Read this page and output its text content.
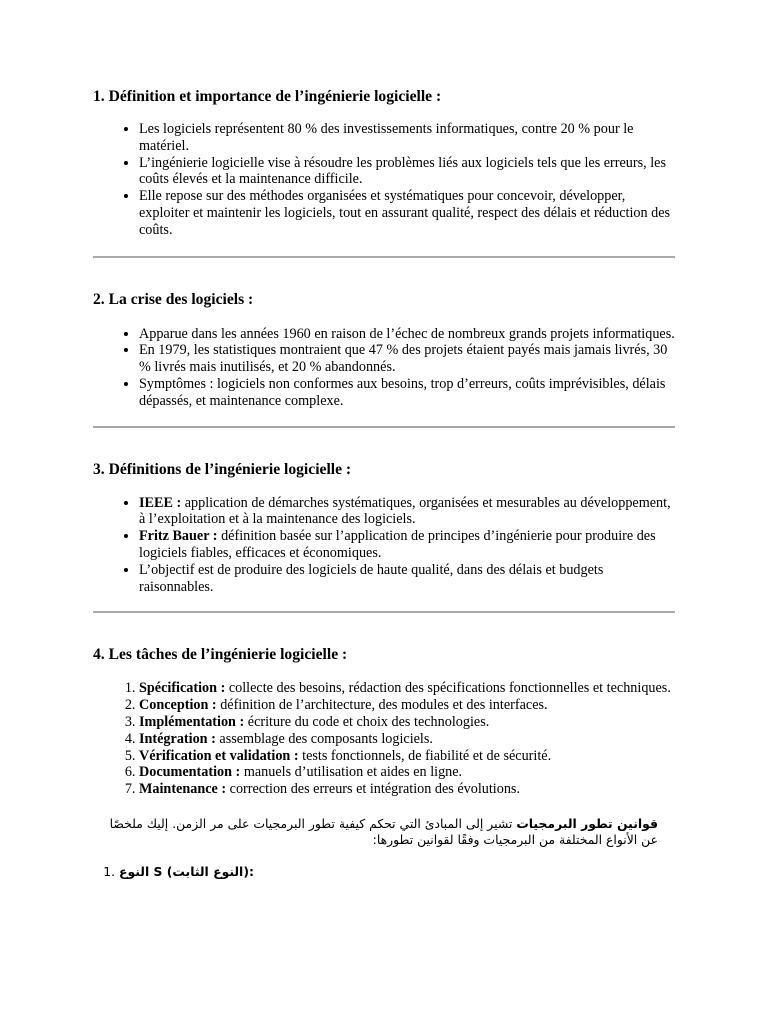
1. Définition et importance de l’ingénierie logicielle :
• Les logiciels représentent 80 % des investissements informatiques, contre 20 % pour le matériel.
• L’ingénierie logicielle vise à résoudre les problèmes liés aux logiciels tels que les erreurs, les coûts élevés et la maintenance difficile.
• Elle repose sur des méthodes organisées et systématiques pour concevoir, développer, exploiter et maintenir les logiciels, tout en assurant qualité, respect des délais et réduction des coûts.
2. La crise des logiciels :
• Apparue dans les années 1960 en raison de l’échec de nombreux grands projets informatiques.
• En 1979, les statistiques montraient que 47 % des projets étaient payés mais jamais livrés, 30 % livrés mais inutilisés, et 20 % abandonnés.
• Symptômes : logiciels non conformes aux besoins, trop d’erreurs, coûts imprévisibles, délais dépassés, et maintenance complexe.
3. Définitions de l’ingénierie logicielle :
• IEEE : application de démarches systématiques, organisées et mesurables au développement, à l’exploitation et à la maintenance des logiciels.
• Fritz Bauer : définition basée sur l’application de principes d’ingénierie pour produire des logiciels fiables, efficaces et économiques.
• L’objectif est de produire des logiciels de haute qualité, dans des délais et budgets raisonnables.
4. Les tâches de l’ingénierie logicielle :
1. Spécification : collecte des besoins, rédaction des spécifications fonctionnelles et techniques.
2. Conception : définition de l’architecture, des modules et des interfaces.
3. Implémentation : écriture du code et choix des technologies.
4. Intégration : assemblage des composants logiciels.
5. Vérification et validation : tests fonctionnels, de fiabilité et de sécurité.
6. Documentation : manuels d’utilisation et aides en ligne.
7. Maintenance : correction des erreurs et intégration des évolutions.

قوانين تطور البرمجيات تشير إلى المبادئ التي تحكم كيفية تطور البرمجيات على مر الزمن. إليك ملخصًا عن الأنواع المختلفة من البرمجيات وفقًا لقوانين تطورها:

1. النوع S (النوع الثابت):
